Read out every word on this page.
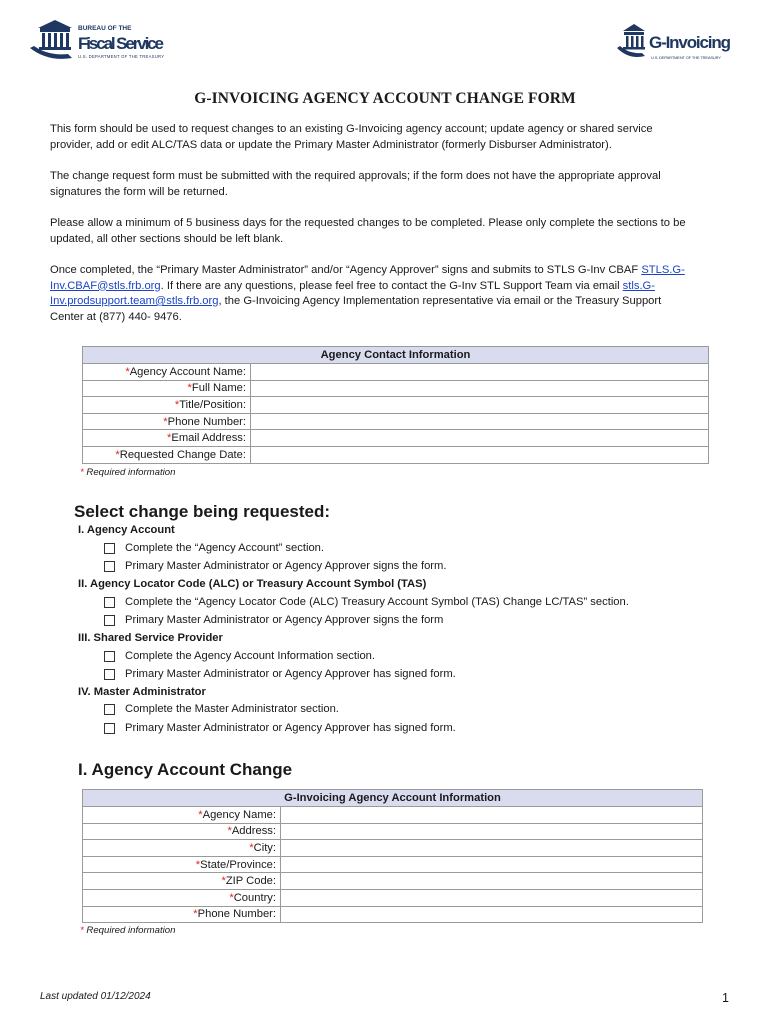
BUREAU OF THE
Fiscal Service
U.S. DEPARTMENT OF THE TREASURY
G-Invoicing
U.S. DEPARTMENT OF THE TREASURY
G-INVOICING AGENCY ACCOUNT CHANGE FORM
This form should be used to request changes to an existing G-Invoicing agency account; update agency or shared service provider, add or edit ALC/TAS data or update the Primary Master Administrator (formerly Disburser Administrator).
The change request form must be submitted with the required approvals; if the form does not have the appropriate approval signatures the form will be returned.
Please allow a minimum of 5 business days for the requested changes to be completed. Please only complete the sections to be updated, all other sections should be left blank.
Once completed, the “Primary Master Administrator” and/or “Agency Approver” signs and submits to STLS G-Inv CBAF STLS.G-Inv.CBAF@stls.frb.org. If there are any questions, please feel free to contact the G-Inv STL Support Team via email stls.G-Inv.prodsupport.team@stls.frb.org, the G-Invoicing Agency Implementation representative via email or the Treasury Support Center at (877) 440- 9476.
Agency Contact Information	
*Agency Account Name:	
*Full Name:	
*Title/Position:	
*Phone Number:	
*Email Address:	
*Requested Change Date:	
* Required information
Select change being requested:
I. Agency Account
Complete the “Agency Account” section.
Primary Master Administrator or Agency Approver signs the form.
II. Agency Locator Code (ALC) or Treasury Account Symbol (TAS)
Complete the “Agency Locator Code (ALC) Treasury Account Symbol (TAS) Change LC/TAS” section.
Primary Master Administrator or Agency Approver signs the form
III. Shared Service Provider
Complete the Agency Account Information section.
Primary Master Administrator or Agency Approver has signed form.
IV. Master Administrator
Complete the Master Administrator section.
Primary Master Administrator or Agency Approver has signed form.
I. Agency Account Change
G-Invoicing Agency Account Information	
*Agency Name:	
*Address:	
*City:	
*State/Province:	
*ZIP Code:	
*Country:	
*Phone Number:	
* Required information
Last updated 01/12/2024	1
